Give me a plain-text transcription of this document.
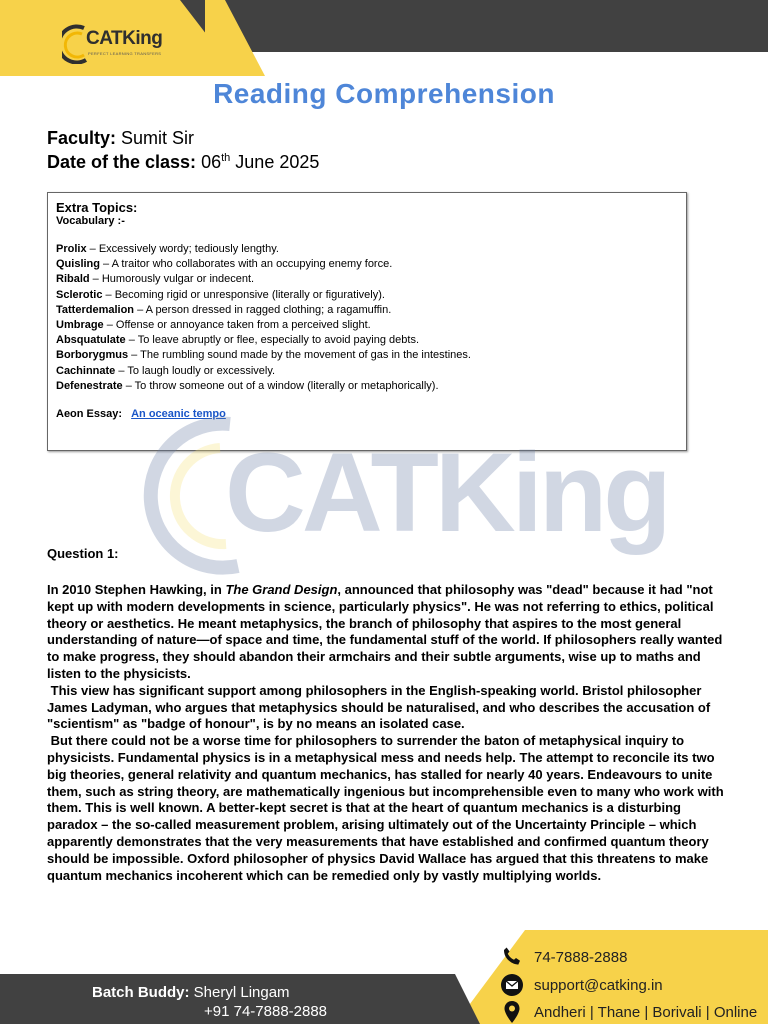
CATKing
PERFECT LEARNING TRANSFERS
Reading Comprehension
Faculty: Sumit Sir
Date of the class: 06th June 2025
Extra Topics:
Vocabulary :-
Prolix – Excessively wordy; tediously lengthy.
Quisling – A traitor who collaborates with an occupying enemy force.
Ribald – Humorously vulgar or indecent.
Sclerotic – Becoming rigid or unresponsive (literally or figuratively).
Tatterdemalion – A person dressed in ragged clothing; a ragamuffin.
Umbrage – Offense or annoyance taken from a perceived slight.
Absquatulate – To leave abruptly or flee, especially to avoid paying debts.
Borborygmus – The rumbling sound made by the movement of gas in the intestines.
Cachinnate – To laugh loudly or excessively.
Defenestrate – To throw someone out of a window (literally or metaphorically).
Aeon Essay: An oceanic tempo
CATKing
Question 1:

In 2010 Stephen Hawking, in The Grand Design, announced that philosophy was "dead" because it had "not kept up with modern developments in science, particularly physics". He was not referring to ethics, political theory or aesthetics. He meant metaphysics, the branch of philosophy that aspires to the most general understanding of nature—of space and time, the fundamental stuff of the world. If philosophers really wanted to make progress, they should abandon their armchairs and their subtle arguments, wise up to maths and listen to the physicists.

This view has significant support among philosophers in the English-speaking world. Bristol philosopher James Ladyman, who argues that metaphysics should be naturalised, and who describes the accusation of "scientism" as "badge of honour", is by no means an isolated case.

But there could not be a worse time for philosophers to surrender the baton of metaphysical inquiry to physicists. Fundamental physics is in a metaphysical mess and needs help. The attempt to reconcile its two big theories, general relativity and quantum mechanics, has stalled for nearly 40 years. Endeavours to unite them, such as string theory, are mathematically ingenious but incomprehensible even to many who work with them. This is well known. A better-kept secret is that at the heart of quantum mechanics is a disturbing paradox – the so-called measurement problem, arising ultimately out of the Uncertainty Principle – which apparently demonstrates that the very measurements that have established and confirmed quantum theory should be impossible. Oxford philosopher of physics David Wallace has argued that this threatens to make quantum mechanics incoherent which can be remedied only by vastly multiplying worlds.

Batch Buddy: Sheryl Lingam
+91 74-7888-2888
74-7888-2888
support@catking.in
Andheri | Thane | Borivali | Online
